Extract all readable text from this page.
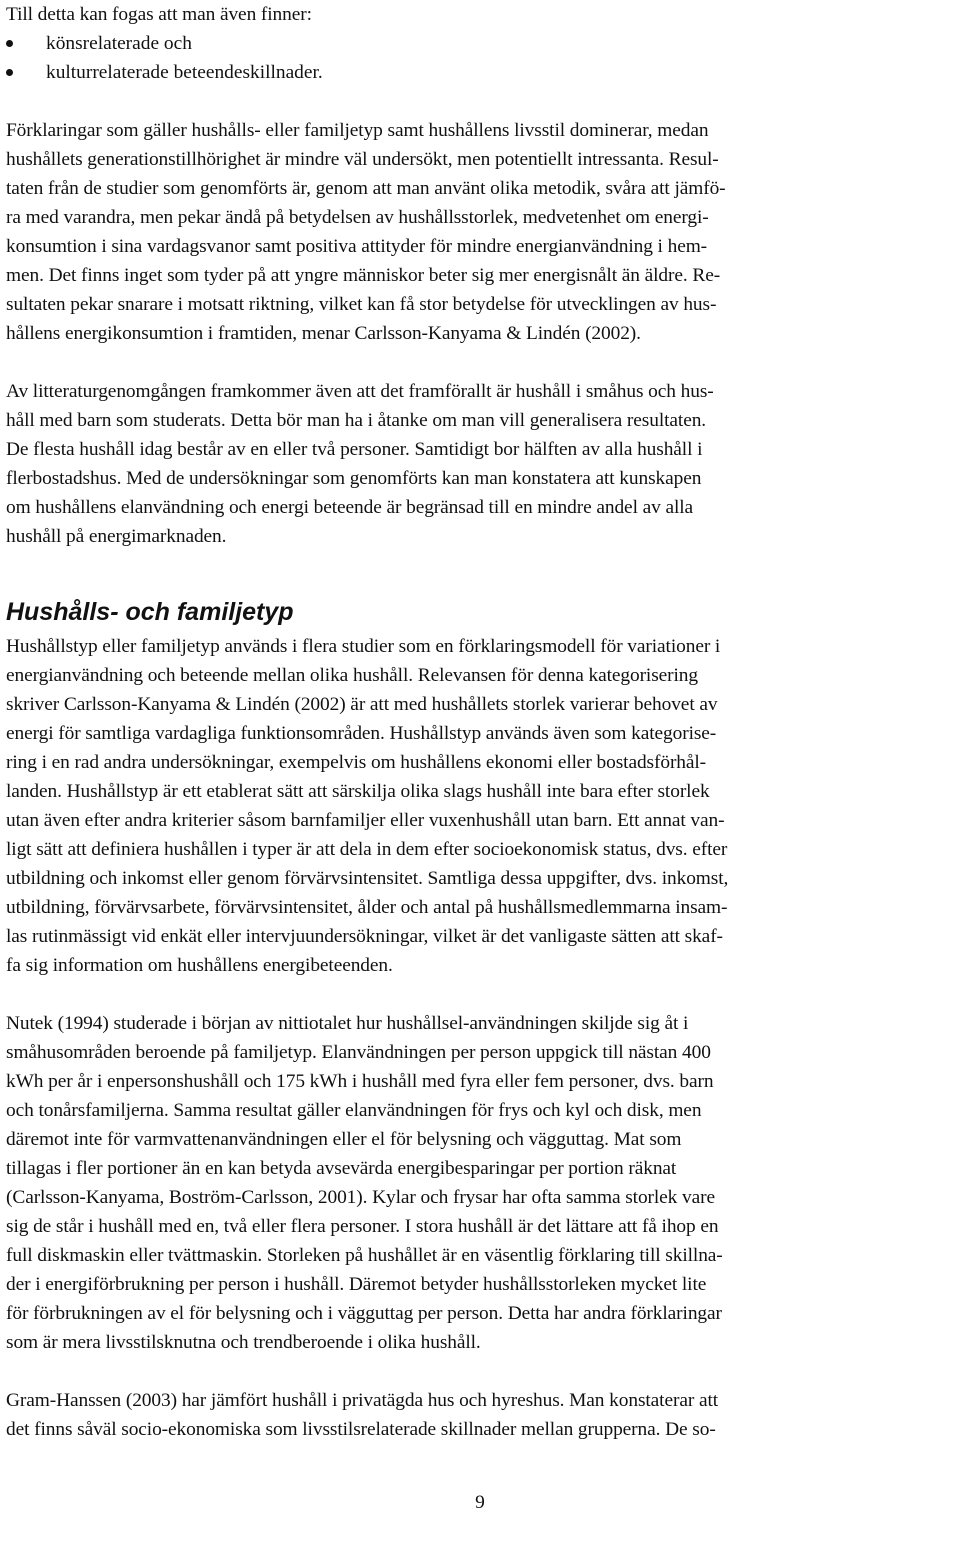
Till detta kan fogas att man även finner:

könsrelaterade och
kulturrelaterade beteendeskillnader.

Förklaringar som gäller hushålls- eller familjetyp samt hushållens livsstil dominerar, medan
hushållets generationstillhörighet är mindre väl undersökt, men potentiellt intressanta. Resul-
taten från de studier som genomförts är, genom att man använt olika metodik, svåra att jämfö-
ra med varandra, men pekar ändå på betydelsen av hushållsstorlek, medvetenhet om energi-
konsumtion i sina vardagsvanor samt positiva attityder för mindre energianvändning i hem-
men. Det finns inget som tyder på att yngre människor beter sig mer energisnålt än äldre. Re-
sultaten pekar snarare i motsatt riktning, vilket kan få stor betydelse för utvecklingen av hus-
hållens energikonsumtion i framtiden, menar Carlsson-Kanyama & Lindén (2002).

Av litteraturgenomgången framkommer även att det framförallt är hushåll i småhus och hus-
håll med barn som studerats. Detta bör man ha i åtanke om man vill generalisera resultaten.
De flesta hushåll idag består av en eller två personer. Samtidigt bor hälften av alla hushåll i
flerbostadshus. Med de undersökningar som genomförts kan man konstatera att kunskapen
om hushållens elanvändning och energi beteende är begränsad till en mindre andel av alla
hushåll på energimarknaden.

Hushålls- och familjetyp

Hushållstyp eller familjetyp används i flera studier som en förklaringsmodell för variationer i
energianvändning och beteende mellan olika hushåll. Relevansen för denna kategorisering
skriver Carlsson-Kanyama & Lindén (2002) är att med hushållets storlek varierar behovet av
energi för samtliga vardagliga funktionsområden. Hushållstyp används även som kategorise-
ring i en rad andra undersökningar, exempelvis om hushållens ekonomi eller bostadsförhål-
landen. Hushållstyp är ett etablerat sätt att särskilja olika slags hushåll inte bara efter storlek
utan även efter andra kriterier såsom barnfamiljer eller vuxenhushåll utan barn. Ett annat van-
ligt sätt att definiera hushållen i typer är att dela in dem efter socioekonomisk status, dvs. efter
utbildning och inkomst eller genom förvärvsintensitet. Samtliga dessa uppgifter, dvs. inkomst,
utbildning, förvärvsarbete, förvärvsintensitet, ålder och antal på hushållsmedlemmarna insam-
las rutinmässigt vid enkät eller intervjuundersökningar, vilket är det vanligaste sätten att skaf-
fa sig information om hushållens energibeteenden.

Nutek (1994) studerade i början av nittiotalet hur hushållsel-användningen skiljde sig åt i
småhusområden beroende på familjetyp. Elanvändningen per person uppgick till nästan 400
kWh per år i enpersonshushåll och 175 kWh i hushåll med fyra eller fem personer, dvs. barn
och tonårsfamiljerna. Samma resultat gäller elanvändningen för frys och kyl och disk, men
däremot inte för varmvattenanvändningen eller el för belysning och vägguttag. Mat som
tillagas i fler portioner än en kan betyda avsevärda energibesparingar per portion räknat
(Carlsson-Kanyama, Boström-Carlsson, 2001). Kylar och frysar har ofta samma storlek vare
sig de står i hushåll med en, två eller flera personer. I stora hushåll är det lättare att få ihop en
full diskmaskin eller tvättmaskin. Storleken på hushållet är en väsentlig förklaring till skillna-
der i energiförbrukning per person i hushåll. Däremot betyder hushållsstorleken mycket lite
för förbrukningen av el för belysning och i vägguttag per person. Detta har andra förklaringar
som är mera livsstilsknutna och trendberoende i olika hushåll.

Gram-Hanssen (2003) har jämfört hushåll i privatägda hus och hyreshus. Man konstaterar att
det finns såväl socio-ekonomiska som livsstilsrelaterade skillnader mellan grupperna. De so-

9
